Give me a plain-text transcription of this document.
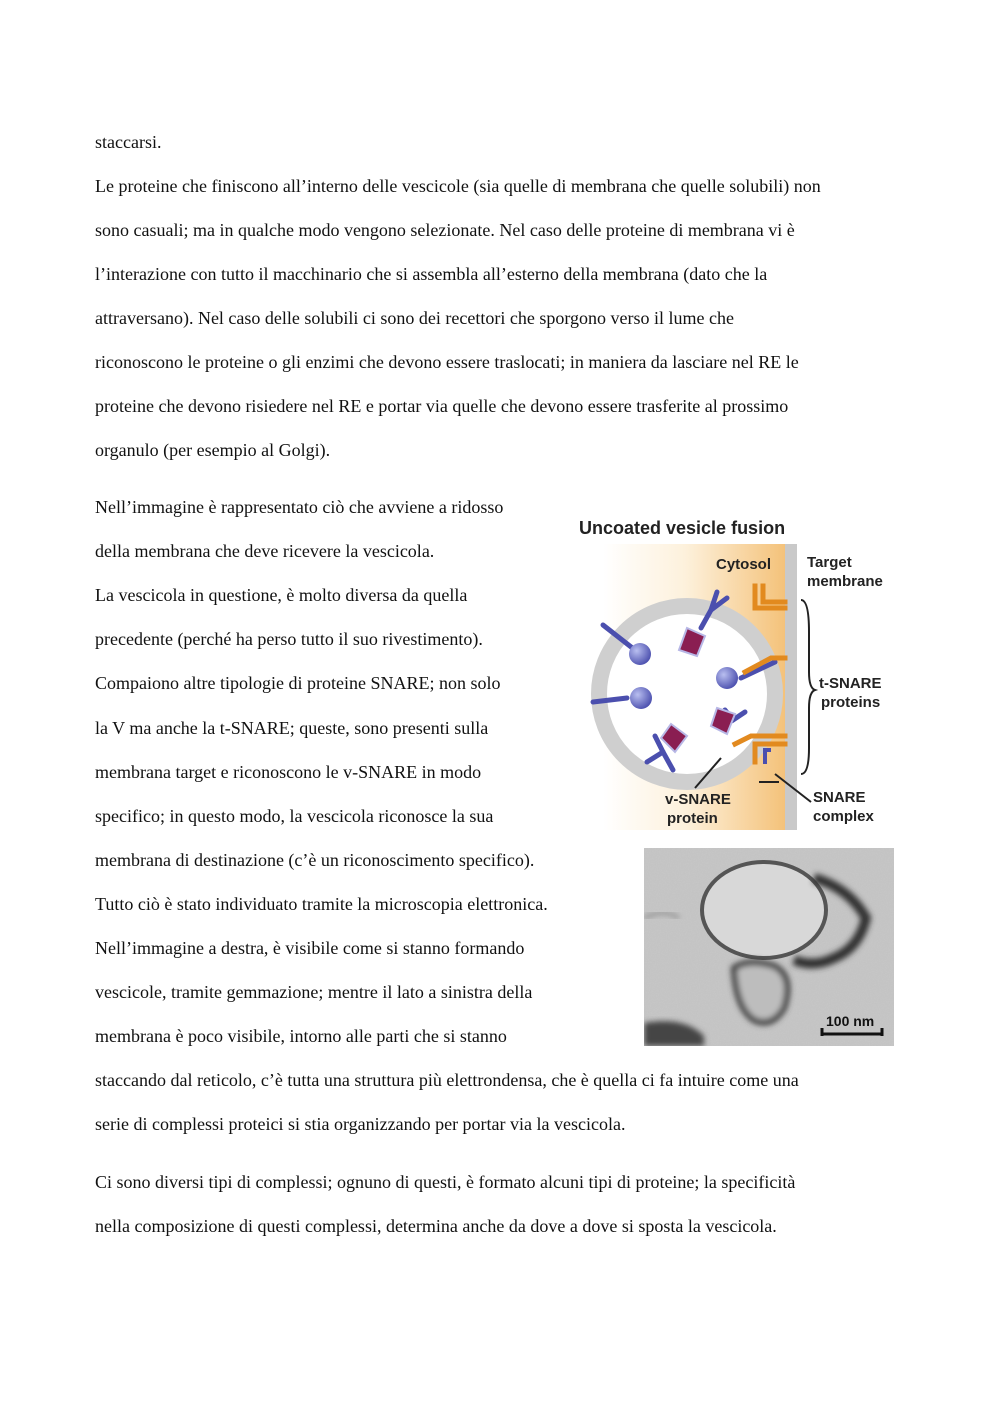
staccarsi.
Le proteine che finiscono all’interno delle vescicole (sia quelle di membrana che quelle solubili) non
sono casuali; ma in qualche modo vengono selezionate. Nel caso delle proteine di membrana vi è
l’interazione con tutto il macchinario che si assembla all’esterno della membrana (dato che la
attraversano). Nel caso delle solubili ci sono dei recettori che sporgono verso il lume che
riconoscono le proteine o gli enzimi che devono essere traslocati; in maniera da lasciare nel RE le
proteine che devono risiedere nel RE e portar via quelle che devono essere trasferite al prossimo
organulo (per esempio al Golgi).
Nell’immagine è rappresentato ciò che avviene a ridosso
della membrana che deve ricevere la vescicola.
La vescicola in questione, è molto diversa da quella
precedente (perché ha perso tutto il suo rivestimento).
Compaiono altre tipologie di proteine SNARE; non solo
la V ma anche la t-SNARE; queste, sono presenti sulla
membrana target e riconoscono le v-SNARE in modo
specifico; in questo modo, la vescicola riconosce la sua
membrana di destinazione (c’è un riconoscimento specifico).
Tutto ciò è stato individuato tramite la microscopia elettronica.
Nell’immagine a destra, è visibile come si stanno formando
vescicole, tramite gemmazione; mentre il lato a sinistra della
membrana è poco visibile, intorno alle parti che si stanno
staccando dal reticolo, c’è tutta una struttura più elettrondensa, che è quella ci fa intuire come una
serie di complessi proteici si stia organizzando per portar via la vescicola.
Ci sono diversi tipi di complessi; ognuno di questi, è formato alcuni tipi di proteine; la specificità
nella composizione di questi complessi, determina anche da dove a dove si sposta la vescicola.
Uncoated vesicle fusion
Cytosol Target
membrane
t-SNARE
proteins
SNARE
complex
v-SNARE
protein
100 nm
